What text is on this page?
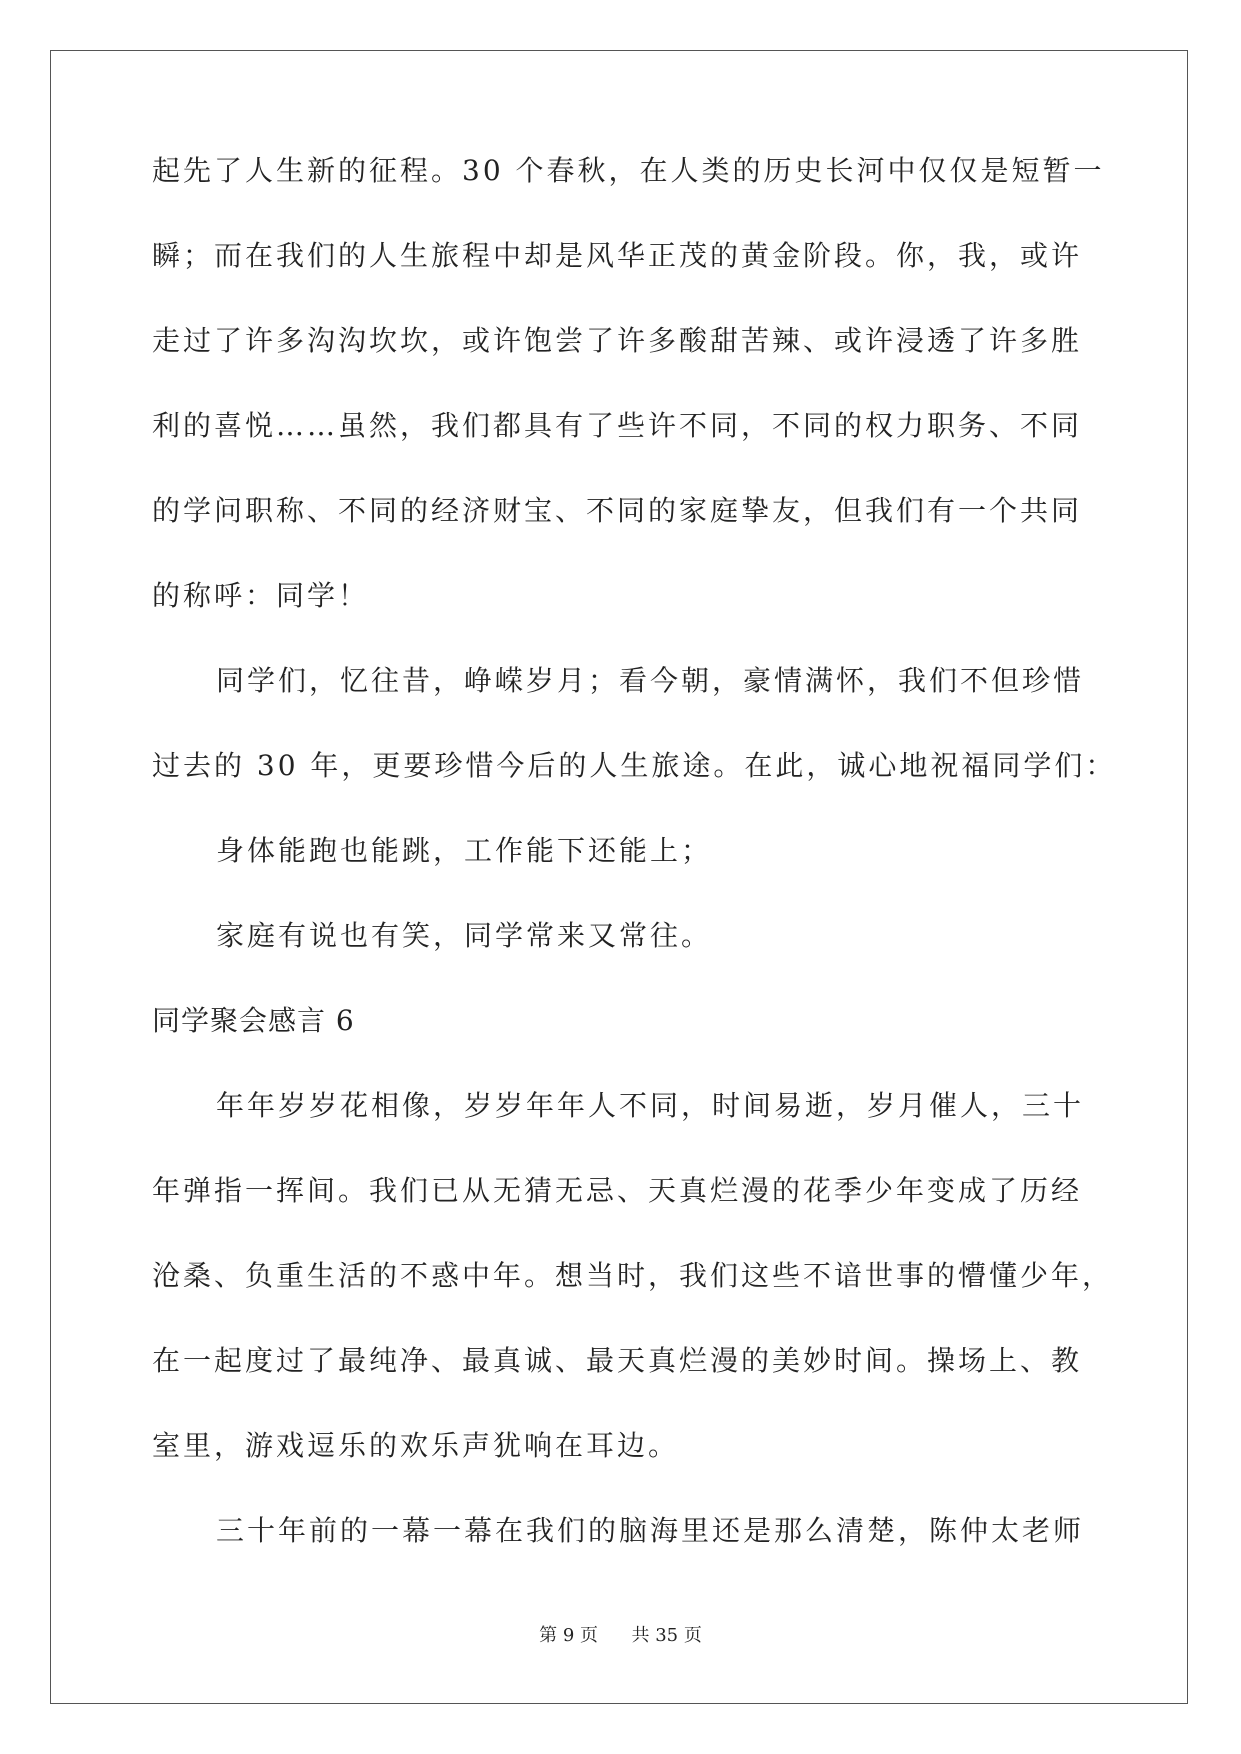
起先了人生新的征程。30 个春秋，在人类的历史长河中仅仅是短暂一
瞬；而在我们的人生旅程中却是风华正茂的黄金阶段。你，我，或许
走过了许多沟沟坎坎，或许饱尝了许多酸甜苦辣、或许浸透了许多胜
利的喜悦……虽然，我们都具有了些许不同，不同的权力职务、不同
的学问职称、不同的经济财宝、不同的家庭挚友，但我们有一个共同
的称呼：同学！
同学们，忆往昔，峥嵘岁月；看今朝，豪情满怀，我们不但珍惜
过去的 30 年，更要珍惜今后的人生旅途。在此，诚心地祝福同学们：
身体能跑也能跳，工作能下还能上；
家庭有说也有笑，同学常来又常往。
同学聚会感言 6
年年岁岁花相像，岁岁年年人不同，时间易逝，岁月催人，三十
年弹指一挥间。我们已从无猜无忌、天真烂漫的花季少年变成了历经
沧桑、负重生活的不惑中年。想当时，我们这些不谙世事的懵懂少年，
在一起度过了最纯净、最真诚、最天真烂漫的美妙时间。操场上、教
室里，游戏逗乐的欢乐声犹响在耳边。
三十年前的一幕一幕在我们的脑海里还是那么清楚，陈仲太老师
第 9 页 共 35 页
